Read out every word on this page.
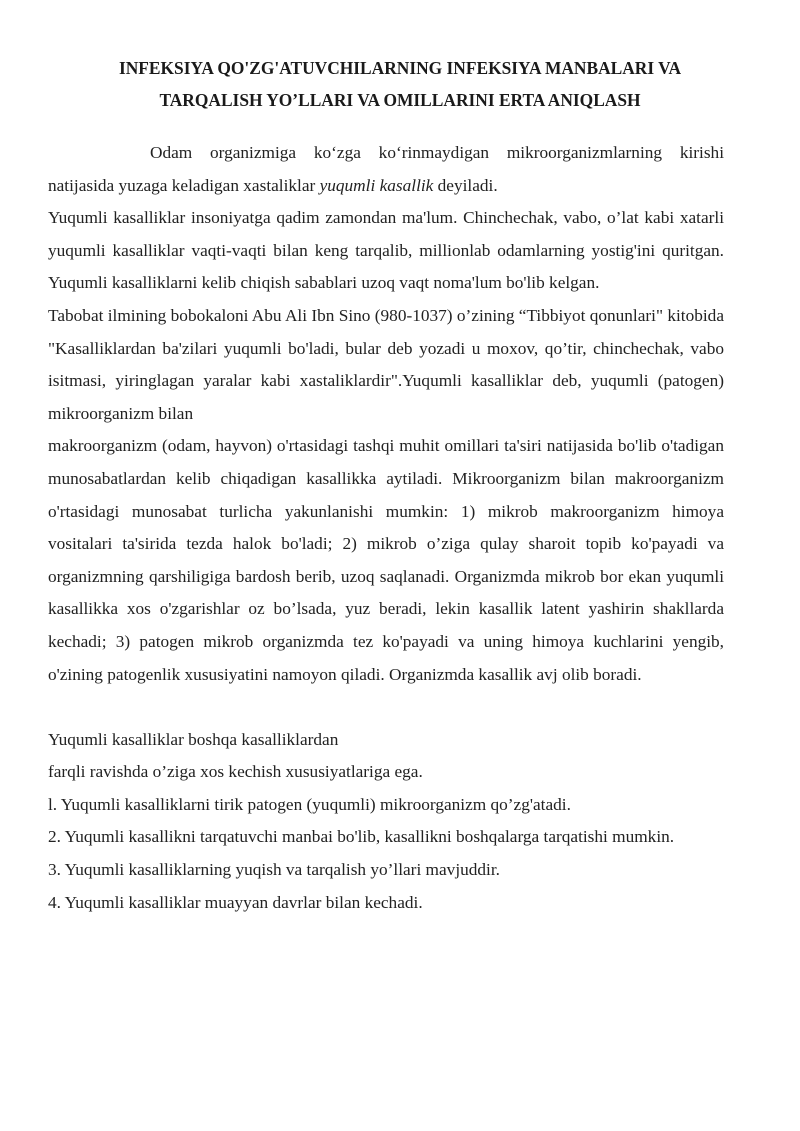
INFEKSIYA QO'ZG'ATUVCHILARNING INFEKSIYA MANBALARI VA
TARQALISH YO’LLARI VA OMILLARINI ERTA ANIQLASH

Odam organizmiga ko‘zga ko‘rinmaydigan mikroorganizmlarning kirishi natijasida yuzaga keladigan xastaliklar yuqumli kasallik deyiladi.

Yuqumli kasalliklar insoniyatga qadim zamondan ma'lum. Chinchechak, vabo, o’lat kabi xatarli yuqumli kasalliklar vaqti-vaqti bilan keng tarqalib, millionlab odamlarning yostig'ini quritgan. Yuqumli kasalliklarni kelib chiqish sabablari uzoq vaqt noma'lum bo'lib kelgan.

Tabobat ilmining bobokaloni Abu Ali Ibn Sino (980-1037) o’zining “Tibbiyot qonunlari" kitobida "Kasalliklardan ba'zilari yuqumli bo'ladi, bular deb yozadi u moxov, qo’tir, chinchechak, vabo isitmasi, yiringlagan yaralar kabi xastaliklardir".Yuqumli kasalliklar deb, yuqumli (patogen) mikroorganizm bilan

makroorganizm (odam, hayvon) o'rtasidagi tashqi muhit omillari ta'siri natijasida bo'lib o'tadigan munosabatlardan kelib chiqadigan kasallikka aytiladi. Mikroorganizm bilan makroorganizm o'rtasidagi munosabat turlicha yakunlanishi mumkin: 1) mikrob makroorganizm himoya vositalari ta'sirida tezda halok bo'ladi; 2) mikrob o’ziga qulay sharoit topib ko'payadi va organizmning qarshiligiga bardosh berib, uzoq saqlanadi. Organizmda mikrob bor ekan yuqumli kasallikka xos o'zgarishlar oz bo’lsada, yuz beradi, lekin kasallik latent yashirin shakllarda kechadi; 3) patogen mikrob organizmda tez ko'payadi va uning himoya kuchlarini yengib, o'zining patogenlik xususiyatini namoyon qiladi. Organizmda kasallik avj olib boradi.

Yuqumli kasalliklar boshqa kasalliklardan

farqli ravishda o’ziga xos kechish xususiyatlariga ega.

l. Yuqumli kasalliklarni tirik patogen (yuqumli) mikroorganizm qo’zg'atadi.

2. Yuqumli kasallikni tarqatuvchi manbai bo'lib, kasallikni boshqalarga tarqatishi mumkin.

3. Yuqumli kasalliklarning yuqish va tarqalish yo’llari mavjuddir.

4. Yuqumli kasalliklar muayyan davrlar bilan kechadi.
